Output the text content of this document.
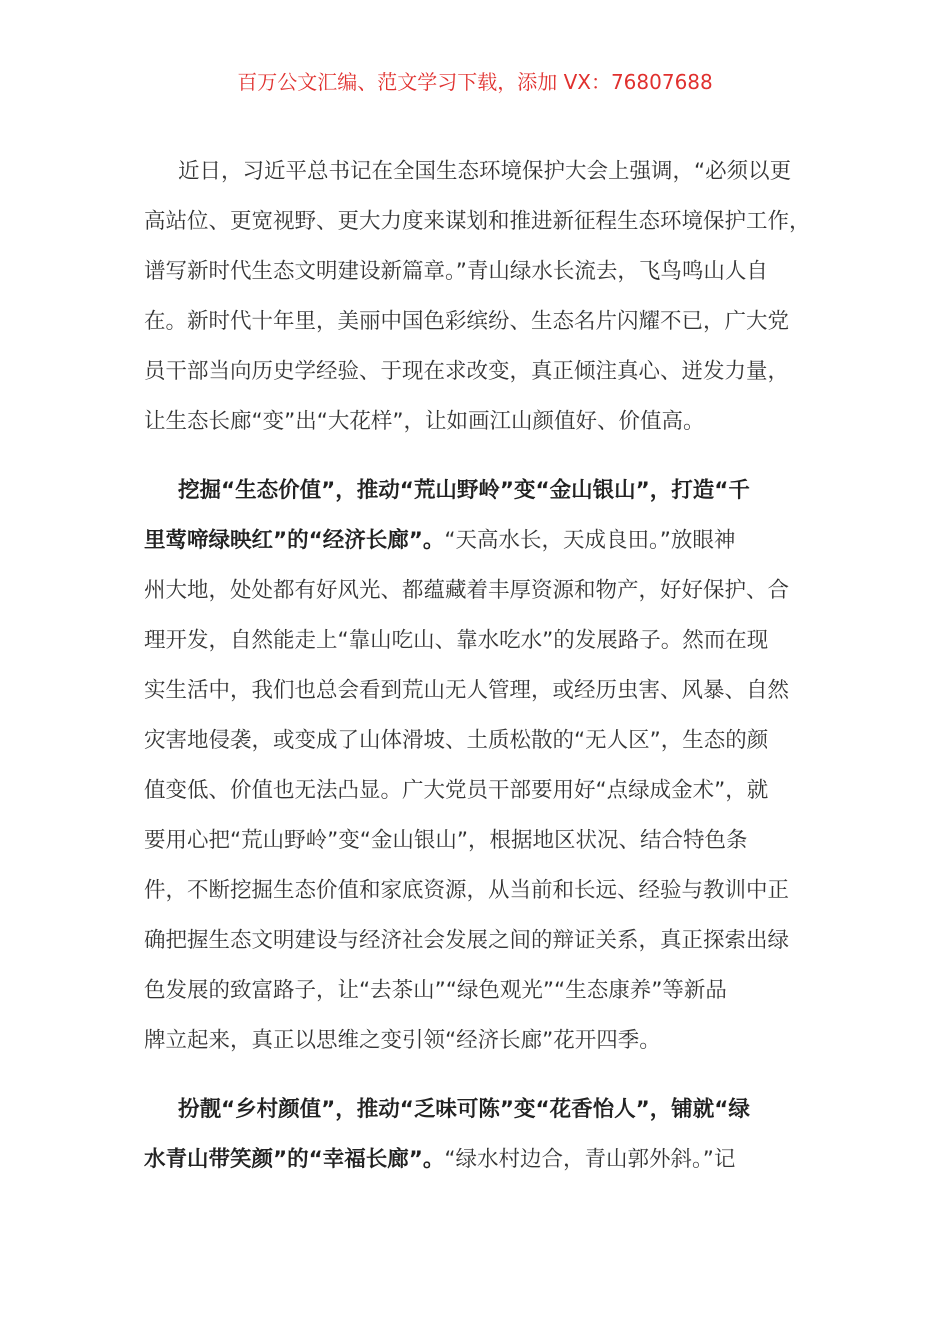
百万公文汇编、范文学习下载，添加 VX：76807688
近日，习近平总书记在全国生态环境保护大会上强调，“必须以更
高站位、更宽视野、更大力度来谋划和推进新征程生态环境保护工作，
谱写新时代生态文明建设新篇章。”青山绿水长流去，飞鸟鸣山人自
在。新时代十年里，美丽中国色彩缤纷、生态名片闪耀不已，广大党
员干部当向历史学经验、于现在求改变，真正倾注真心、迸发力量，
让生态长廊“变”出“大花样”，让如画江山颜值好、价值高。
挖掘“生态价值”，推动“荒山野岭”变“金山银山”，打造“千
里莺啼绿映红”的“经济长廊”。“天高水长，天成良田。”放眼神
州大地，处处都有好风光、都蕴藏着丰厚资源和物产，好好保护、合
理开发，自然能走上“靠山吃山、靠水吃水”的发展路子。然而在现
实生活中，我们也总会看到荒山无人管理，或经历虫害、风暴、自然
灾害地侵袭，或变成了山体滑坡、土质松散的“无人区”，生态的颜
值变低、价值也无法凸显。广大党员干部要用好“点绿成金术”，就
要用心把“荒山野岭”变“金山银山”，根据地区状况、结合特色条
件，不断挖掘生态价值和家底资源，从当前和长远、经验与教训中正
确把握生态文明建设与经济社会发展之间的辩证关系，真正探索出绿
色发展的致富路子，让“去茶山”“绿色观光”“生态康养”等新品
牌立起来，真正以思维之变引领“经济长廊”花开四季。
扮靓“乡村颜值”，推动“乏味可陈”变“花香怡人”，铺就“绿
水青山带笑颜”的“幸福长廊”。“绿水村边合，青山郭外斜。”记
